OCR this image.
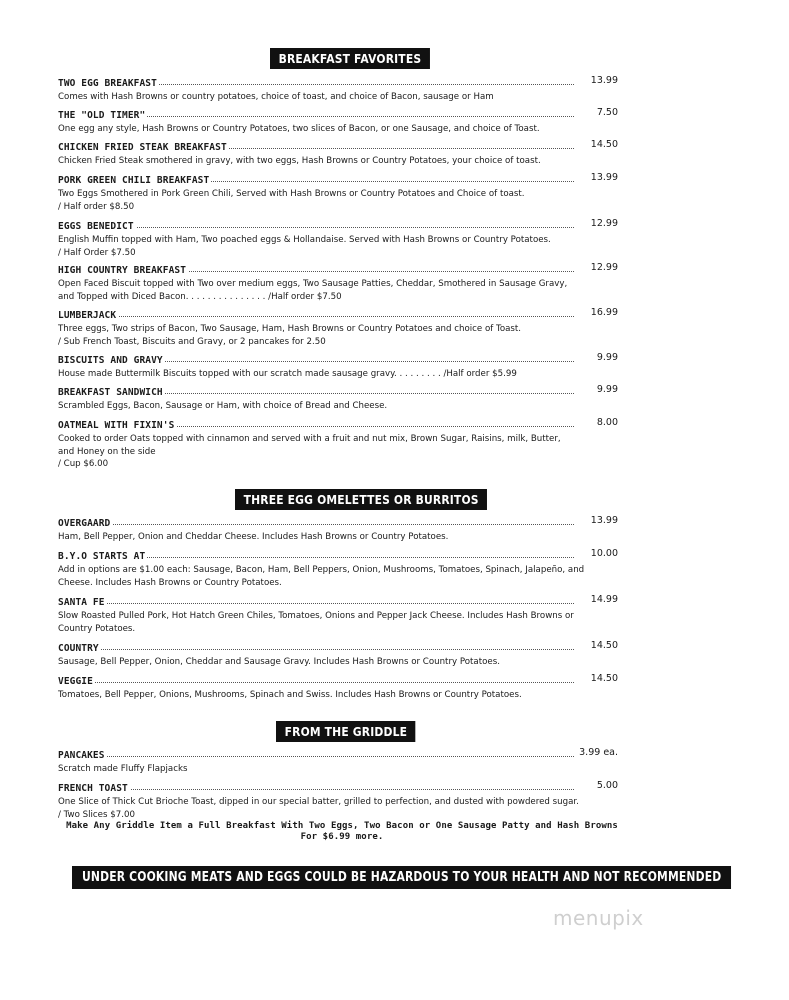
BREAKFAST FAVORITES
TWO EGG BREAKFAST	13.99
Comes with Hash Browns or country potatoes, choice of toast, and choice of Bacon, sausage or Ham
THE "OLD TIMER"	7.50
One egg any style, Hash Browns or Country Potatoes, two slices of Bacon, or one Sausage, and choice of Toast.
CHICKEN FRIED STEAK BREAKFAST	14.50
Chicken Fried Steak smothered in gravy, with two eggs, Hash Browns or Country Potatoes, your choice of toast.
PORK GREEN CHILI BREAKFAST	13.99
Two Eggs Smothered in Pork Green Chili, Served with Hash Browns or Country Potatoes and Choice of toast.
/ Half order $8.50
EGGS BENEDICT	12.99
English Muffin topped with Ham, Two poached eggs & Hollandaise. Served with Hash Browns or Country Potatoes.
/ Half Order $7.50
HIGH COUNTRY BREAKFAST	12.99
Open Faced Biscuit topped with Two over medium eggs, Two Sausage Patties, Cheddar, Smothered in Sausage Gravy,
and Topped with Diced Bacon. . . . . . . . . . . . . . . /Half order $7.50
LUMBERJACK	16.99
Three eggs, Two strips of Bacon, Two Sausage, Ham, Hash Browns or Country Potatoes and choice of Toast.
/ Sub French Toast, Biscuits and Gravy, or 2 pancakes for 2.50
BISCUITS AND GRAVY	9.99
House made Buttermilk Biscuits topped with our scratch made sausage gravy. . . . . . . . . /Half order $5.99
BREAKFAST SANDWICH	9.99
Scrambled Eggs, Bacon, Sausage or Ham, with choice of Bread and Cheese.
OATMEAL WITH FIXIN'S	8.00
Cooked to order Oats topped with cinnamon and served with a fruit and nut mix, Brown Sugar, Raisins, milk, Butter,
and Honey on the side
/ Cup $6.00
THREE EGG OMELETTES OR BURRITOS
OVERGAARD	13.99
Ham, Bell Pepper, Onion and Cheddar Cheese. Includes Hash Browns or Country Potatoes.
B.Y.O STARTS AT	10.00
Add in options are $1.00 each: Sausage, Bacon, Ham, Bell Peppers, Onion, Mushrooms, Tomatoes, Spinach, Jalapeño, and
Cheese. Includes Hash Browns or Country Potatoes.
SANTA FE	14.99
Slow Roasted Pulled Pork, Hot Hatch Green Chiles, Tomatoes, Onions and Pepper Jack Cheese. Includes Hash Browns or
Country Potatoes.
COUNTRY	14.50
Sausage, Bell Pepper, Onion, Cheddar and Sausage Gravy. Includes Hash Browns or Country Potatoes.
VEGGIE	14.50
Tomatoes, Bell Pepper, Onions, Mushrooms, Spinach and Swiss. Includes Hash Browns or Country Potatoes.
FROM THE GRIDDLE
PANCAKES	3.99 ea.
Scratch made Fluffy Flapjacks
FRENCH TOAST	5.00
One Slice of Thick Cut Brioche Toast, dipped in our special batter, grilled to perfection, and dusted with powdered sugar.
/ Two Slices $7.00
Make Any Griddle Item a Full Breakfast With Two Eggs, Two Bacon or One Sausage Patty and Hash Browns
For $6.99 more.
UNDER COOKING MEATS AND EGGS COULD BE HAZARDOUS TO YOUR HEALTH AND NOT RECOMMENDED
menupix
